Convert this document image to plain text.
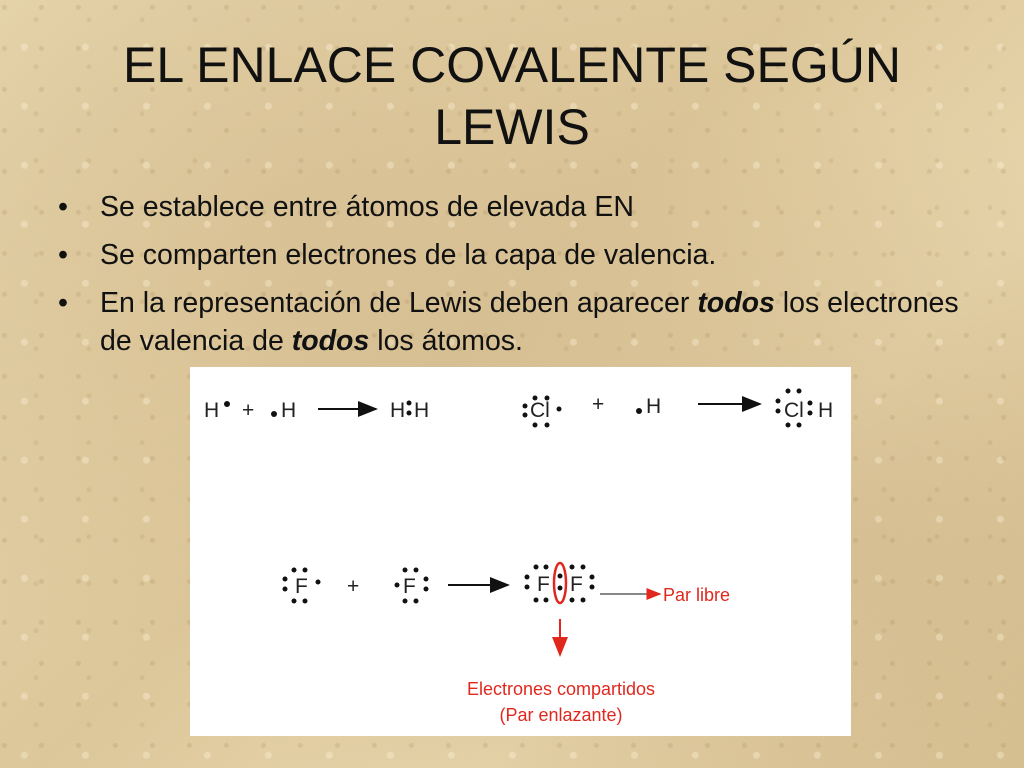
EL ENLACE COVALENTE SEGÚN LEWIS
• Se establece entre átomos de elevada EN
• Se comparten electrones de la capa de valencia.
• En la representación de Lewis deben aparecer todos los electrones de valencia de todos los átomos.
H + H	H H	Cl + H	Cl H
F + F	F F	Par libre
Electrones compartidos
(Par enlazante)
